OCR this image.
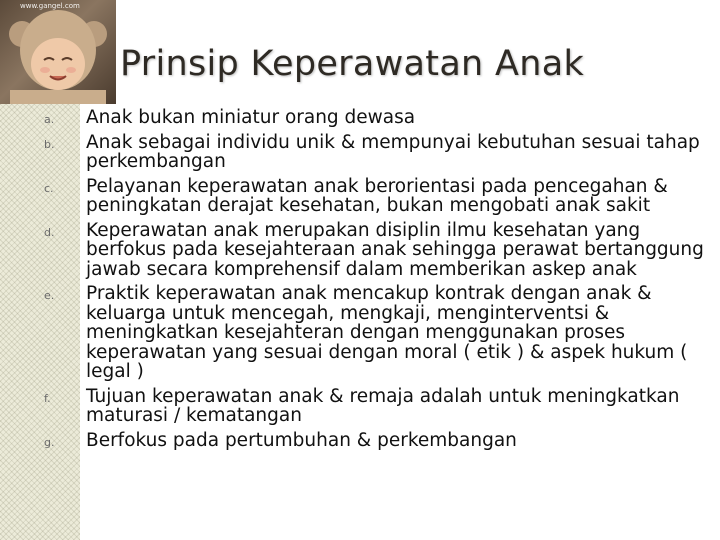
www.gangel.com
Prinsip Keperawatan Anak
a. Anak bukan miniatur orang dewasa
b. Anak sebagai individu unik & mempunyai kebutuhan sesuai tahap perkembangan
c. Pelayanan keperawatan anak berorientasi pada pencegahan & peningkatan derajat kesehatan, bukan mengobati anak sakit
d. Keperawatan anak merupakan disiplin ilmu kesehatan yang berfokus pada kesejahteraan anak sehingga perawat bertanggung jawab secara komprehensif dalam memberikan askep anak
e. Praktik keperawatan anak mencakup kontrak dengan anak & keluarga untuk mencegah, mengkaji, menginterventsi & meningkatkan kesejahteran dengan menggunakan proses keperawatan yang sesuai dengan moral ( etik ) & aspek hukum ( legal )
f. Tujuan keperawatan anak & remaja adalah untuk meningkatkan maturasi / kematangan
g. Berfokus pada pertumbuhan & perkembangan
